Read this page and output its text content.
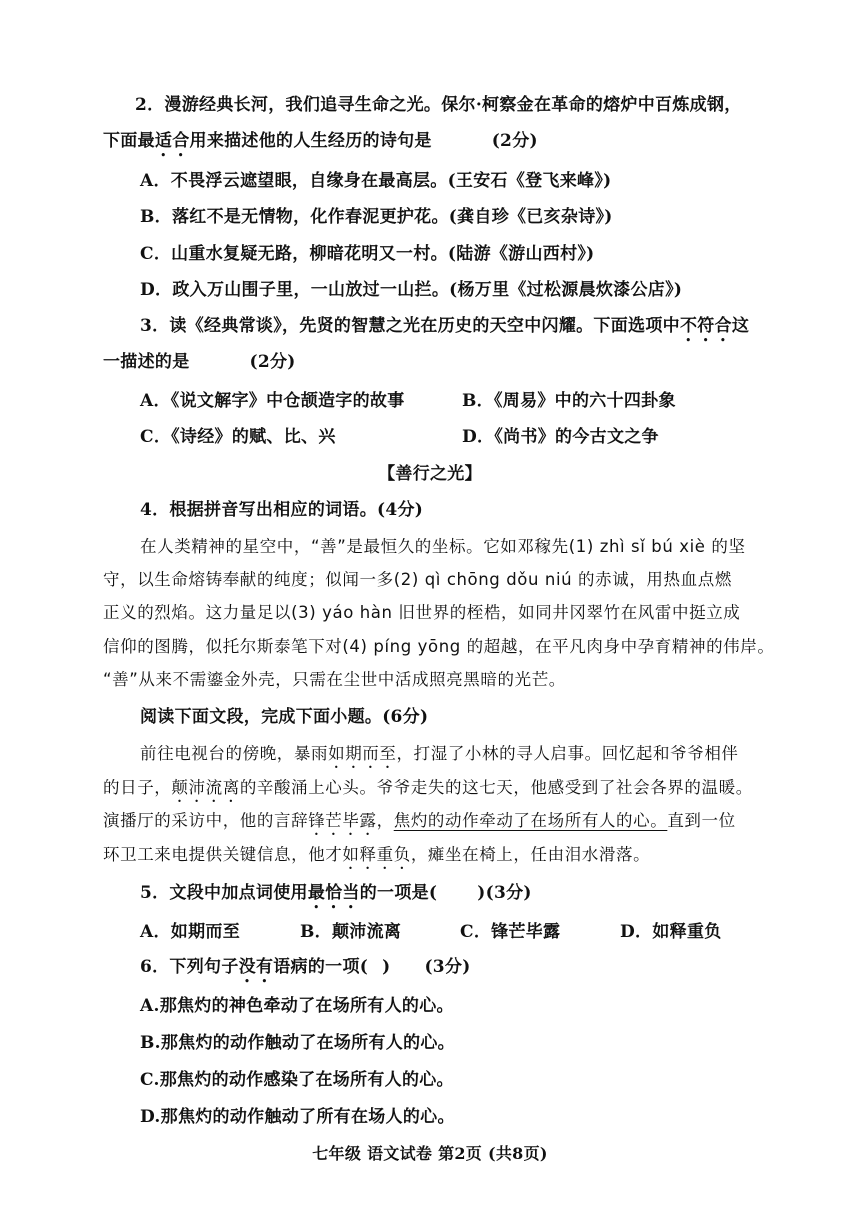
2．漫游经典长河，我们追寻生命之光。保尔·柯察金在革命的熔炉中百炼成钢，
下面最适合用来描述他的人生经历的诗句是	(2分)
A．不畏浮云遮望眼，自缘身在最高层。(王安石《登飞来峰》)
B．落红不是无情物，化作春泥更护花。(龚自珍《已亥杂诗》)
C．山重水复疑无路，柳暗花明又一村。(陆游《游山西村》)
D．政入万山围子里，一山放过一山拦。(杨万里《过松源晨炊漆公店》)
3．读《经典常谈》，先贤的智慧之光在历史的天空中闪耀。下面选项中不符合这
一描述的是	(2分)
A．《说文解字》中仓颉造字的故事	B．《周易》中的六十四卦象
C．《诗经》的赋、比、兴	D．《尚书》的今古文之争
【善行之光】
4．根据拼音写出相应的词语。(4分)
在人类精神的星空中，“善”是最恒久的坐标。它如邓稼先(1) zhì sǐ bú xiè 的坚
守，以生命熔铸奉献的纯度；似闻一多(2) qì chōng dǒu niú 的赤诚，用热血点燃
正义的烈焰。这力量足以(3) yáo hàn 旧世界的桎梏，如同井冈翠竹在风雷中挺立成
信仰的图腾，似托尔斯泰笔下对(4) píng yōng 的超越，在平凡肉身中孕育精神的伟岸。
“善”从来不需鎏金外壳，只需在尘世中活成照亮黑暗的光芒。
阅读下面文段，完成下面小题。(6分)
前往电视台的傍晚，暴雨如期而至，打湿了小林的寻人启事。回忆起和爷爷相伴
的日子，颠沛流离的辛酸涌上心头。爷爷走失的这七天，他感受到了社会各界的温暖。
演播厅的采访中，他的言辞锋芒毕露，焦灼的动作牵动了在场所有人的心。直到一位
环卫工来电提供关键信息，他才如释重负，瘫坐在椅上，任由泪水滑落。
5．文段中加点词使用最恰当的一项是( )(3分)
A．如期而至	B．颠沛流离	C．锋芒毕露	D．如释重负
6．下列句子没有语病的一项( ) (3分)
A.那焦灼的神色牵动了在场所有人的心。
B.那焦灼的动作触动了在场所有人的心。
C.那焦灼的动作感染了在场所有人的心。
D.那焦灼的动作触动了所有在场人的心。
七年级 语文试卷 第2页 (共8页)
